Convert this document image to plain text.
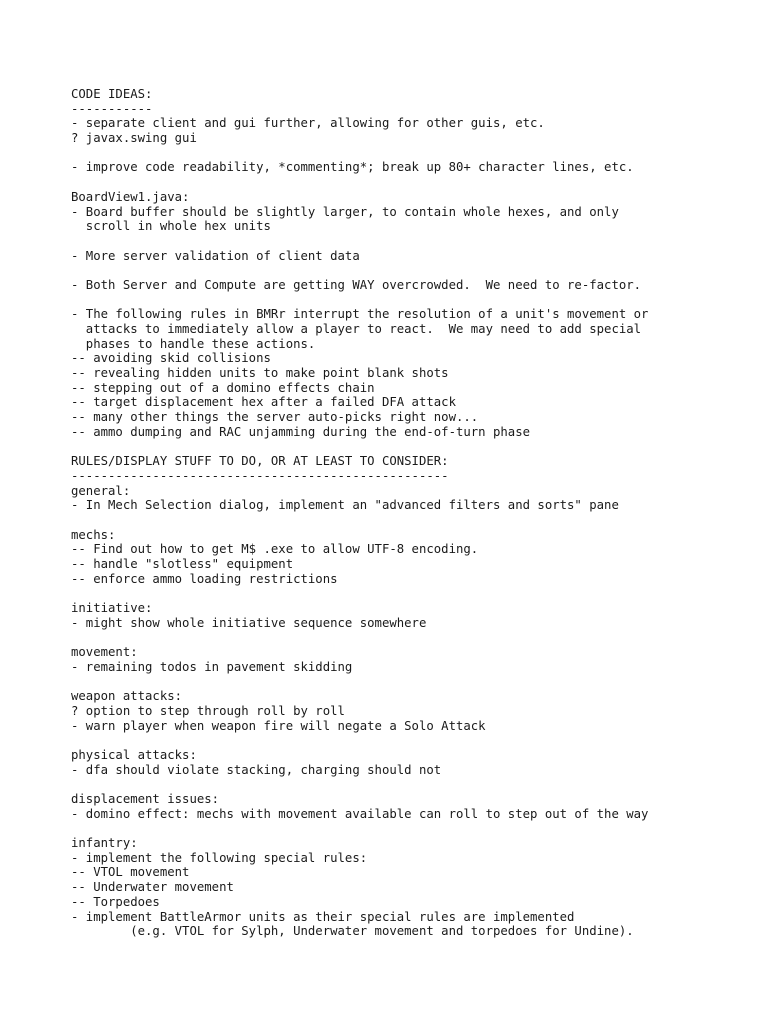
CODE IDEAS:
-----------
- separate client and gui further, allowing for other guis, etc.
? javax.swing gui
- improve code readability, *commenting*; break up 80+ character lines, etc.
BoardView1.java:
- Board buffer should be slightly larger, to contain whole hexes, and only
scroll in whole hex units
- More server validation of client data
- Both Server and Compute are getting WAY overcrowded.  We need to re-factor.
- The following rules in BMRr interrupt the resolution of a unit's movement or
attacks to immediately allow a player to react.  We may need to add special
phases to handle these actions.
-- avoiding skid collisions
-- revealing hidden units to make point blank shots
-- stepping out of a domino effects chain
-- target displacement hex after a failed DFA attack
-- many other things the server auto-picks right now...
-- ammo dumping and RAC unjamming during the end-of-turn phase
RULES/DISPLAY STUFF TO DO, OR AT LEAST TO CONSIDER:
---------------------------------------------------
general:
- In Mech Selection dialog, implement an "advanced filters and sorts" pane
mechs:
-- Find out how to get M$ .exe to allow UTF-8 encoding.
-- handle "slotless" equipment
-- enforce ammo loading restrictions
initiative:
- might show whole initiative sequence somewhere
movement:
- remaining todos in pavement skidding
weapon attacks:
? option to step through roll by roll
- warn player when weapon fire will negate a Solo Attack
physical attacks:
- dfa should violate stacking, charging should not
displacement issues:
- domino effect: mechs with movement available can roll to step out of the way
infantry:
- implement the following special rules:
-- VTOL movement
-- Underwater movement
-- Torpedoes
- implement BattleArmor units as their special rules are implemented
(e.g. VTOL for Sylph, Underwater movement and torpedoes for Undine).
